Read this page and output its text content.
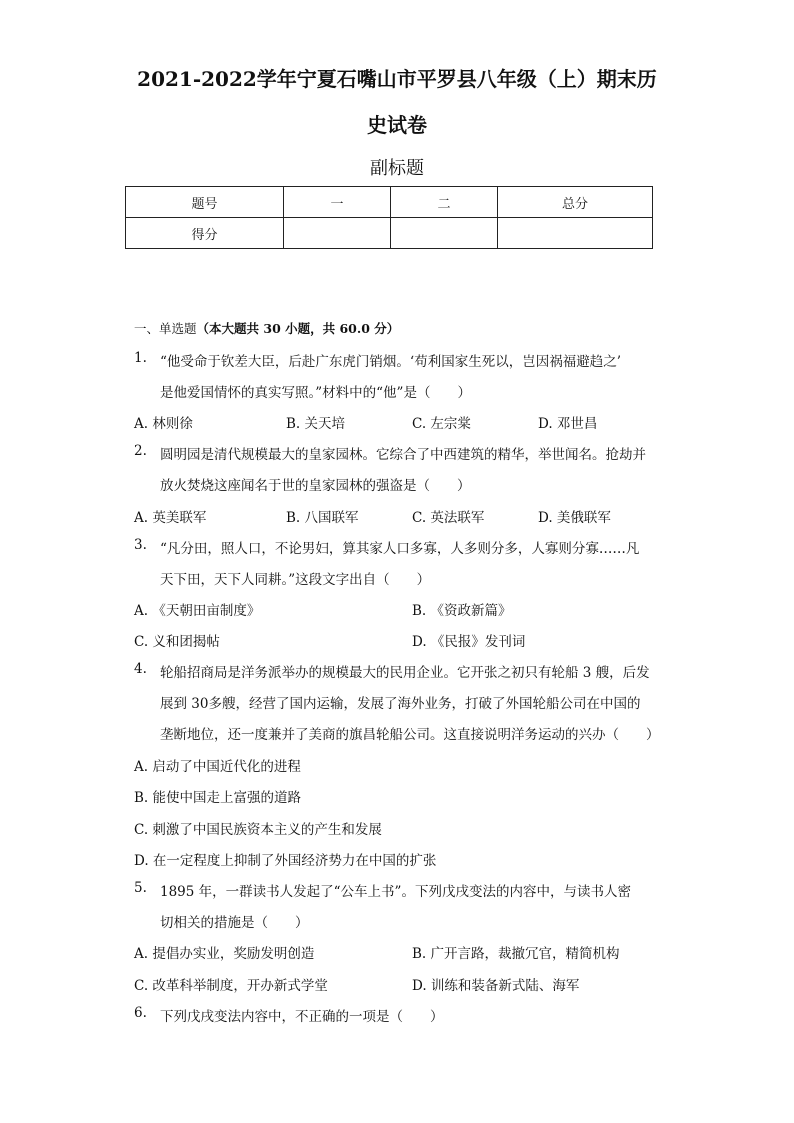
2021-2022学年宁夏石嘴山市平罗县八年级（上）期末历
史试卷
副标题
题号	一	二	总分
得分			
一、单选题（本大题共 30 小题，共 60.0 分）
1. “他受命于钦差大臣，后赴广东虎门销烟。‘苟利国家生死以，岂因祸福避趋之’
是他爱国情怀的真实写照。”材料中的“他”是（　　）
A. 林则徐	B. 关天培	C. 左宗棠	D. 邓世昌
2. 圆明园是清代规模最大的皇家园林。它综合了中西建筑的精华，举世闻名。抢劫并
放火焚烧这座闻名于世的皇家园林的强盗是（　　）
A. 英美联军	B. 八国联军	C. 英法联军	D. 美俄联军
3. “凡分田，照人口，不论男妇，算其家人口多寡，人多则分多，人寡则分寡……凡
天下田，天下人同耕。”这段文字出自（　　）
A. 《天朝田亩制度》	B. 《资政新篇》
C. 义和团揭帖	D. 《民报》发刊词
4. 轮船招商局是洋务派举办的规模最大的民用企业。它开张之初只有轮船 3 艘，后发
展到 30多艘，经营了国内运输，发展了海外业务，打破了外国轮船公司在中国的
垄断地位，还一度兼并了美商的旗昌轮船公司。这直接说明洋务运动的兴办（　　）
A. 启动了中国近代化的进程
B. 能使中国走上富强的道路
C. 刺激了中国民族资本主义的产生和发展
D. 在一定程度上抑制了外国经济势力在中国的扩张
5. 1895 年，一群读书人发起了“公车上书”。下列戊戌变法的内容中，与读书人密
切相关的措施是（　　）
A. 提倡办实业，奖励发明创造	B. 广开言路，裁撤冗官，精简机构
C. 改革科举制度，开办新式学堂	D. 训练和装备新式陆、海军
6. 下列戊戌变法内容中，不正确的一项是（　　）
